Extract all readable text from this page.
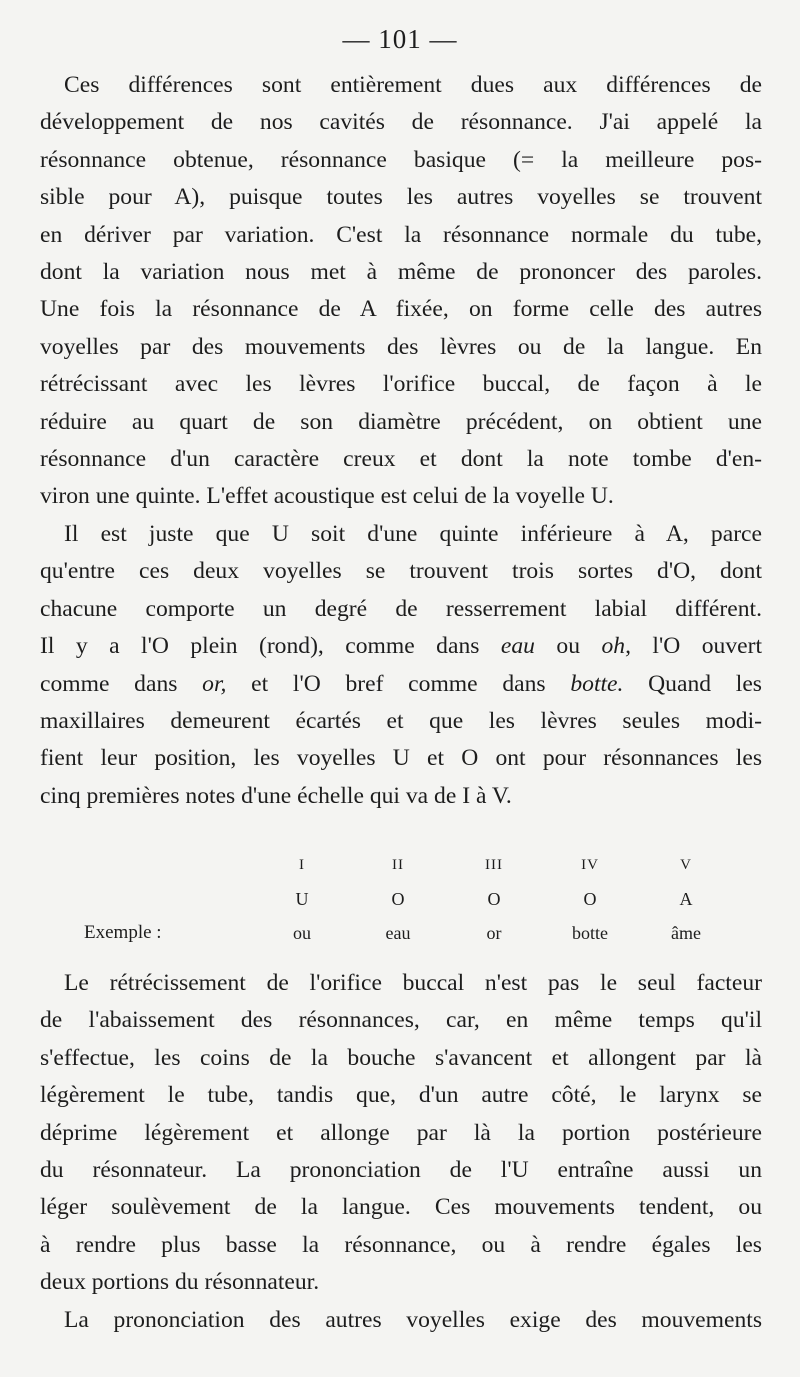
— 101 —
Ces différences sont entièrement dues aux différences de
développement de nos cavités de résonnance. J'ai appelé la
résonnance obtenue, résonnance basique (= la meilleure pos-
sible pour A), puisque toutes les autres voyelles se trouvent
en dériver par variation. C'est la résonnance normale du tube,
dont la variation nous met à même de prononcer des paroles.
Une fois la résonnance de A fixée, on forme celle des autres
voyelles par des mouvements des lèvres ou de la langue. En
rétrécissant avec les lèvres l'orifice buccal, de façon à le
réduire au quart de son diamètre précédent, on obtient une
résonnance d'un caractère creux et dont la note tombe d'en-
viron une quinte. L'effet acoustique est celui de la voyelle U.
Il est juste que U soit d'une quinte inférieure à A, parce
qu'entre ces deux voyelles se trouvent trois sortes d'O, dont
chacune comporte un degré de resserrement labial différent.
Il y a l'O plein (rond), comme dans eau ou oh, l'O ouvert
comme dans or, et l'O bref comme dans botte. Quand les
maxillaires demeurent écartés et que les lèvres seules modi-
fient leur position, les voyelles U et O ont pour résonnances les
cinq premières notes d'une échelle qui va de I à V.
	I	II	III	IV	V
	U	O	O	O	A
Exemple :	ou	eau	or	botte	âme
Le rétrécissement de l'orifice buccal n'est pas le seul facteur
de l'abaissement des résonnances, car, en même temps qu'il
s'effectue, les coins de la bouche s'avancent et allongent par là
légèrement le tube, tandis que, d'un autre côté, le larynx se
déprime légèrement et allonge par là la portion postérieure
du résonnateur. La prononciation de l'U entraîne aussi un
léger soulèvement de la langue. Ces mouvements tendent, ou
à rendre plus basse la résonnance, ou à rendre égales les
deux portions du résonnateur.
La prononciation des autres voyelles exige des mouvements
